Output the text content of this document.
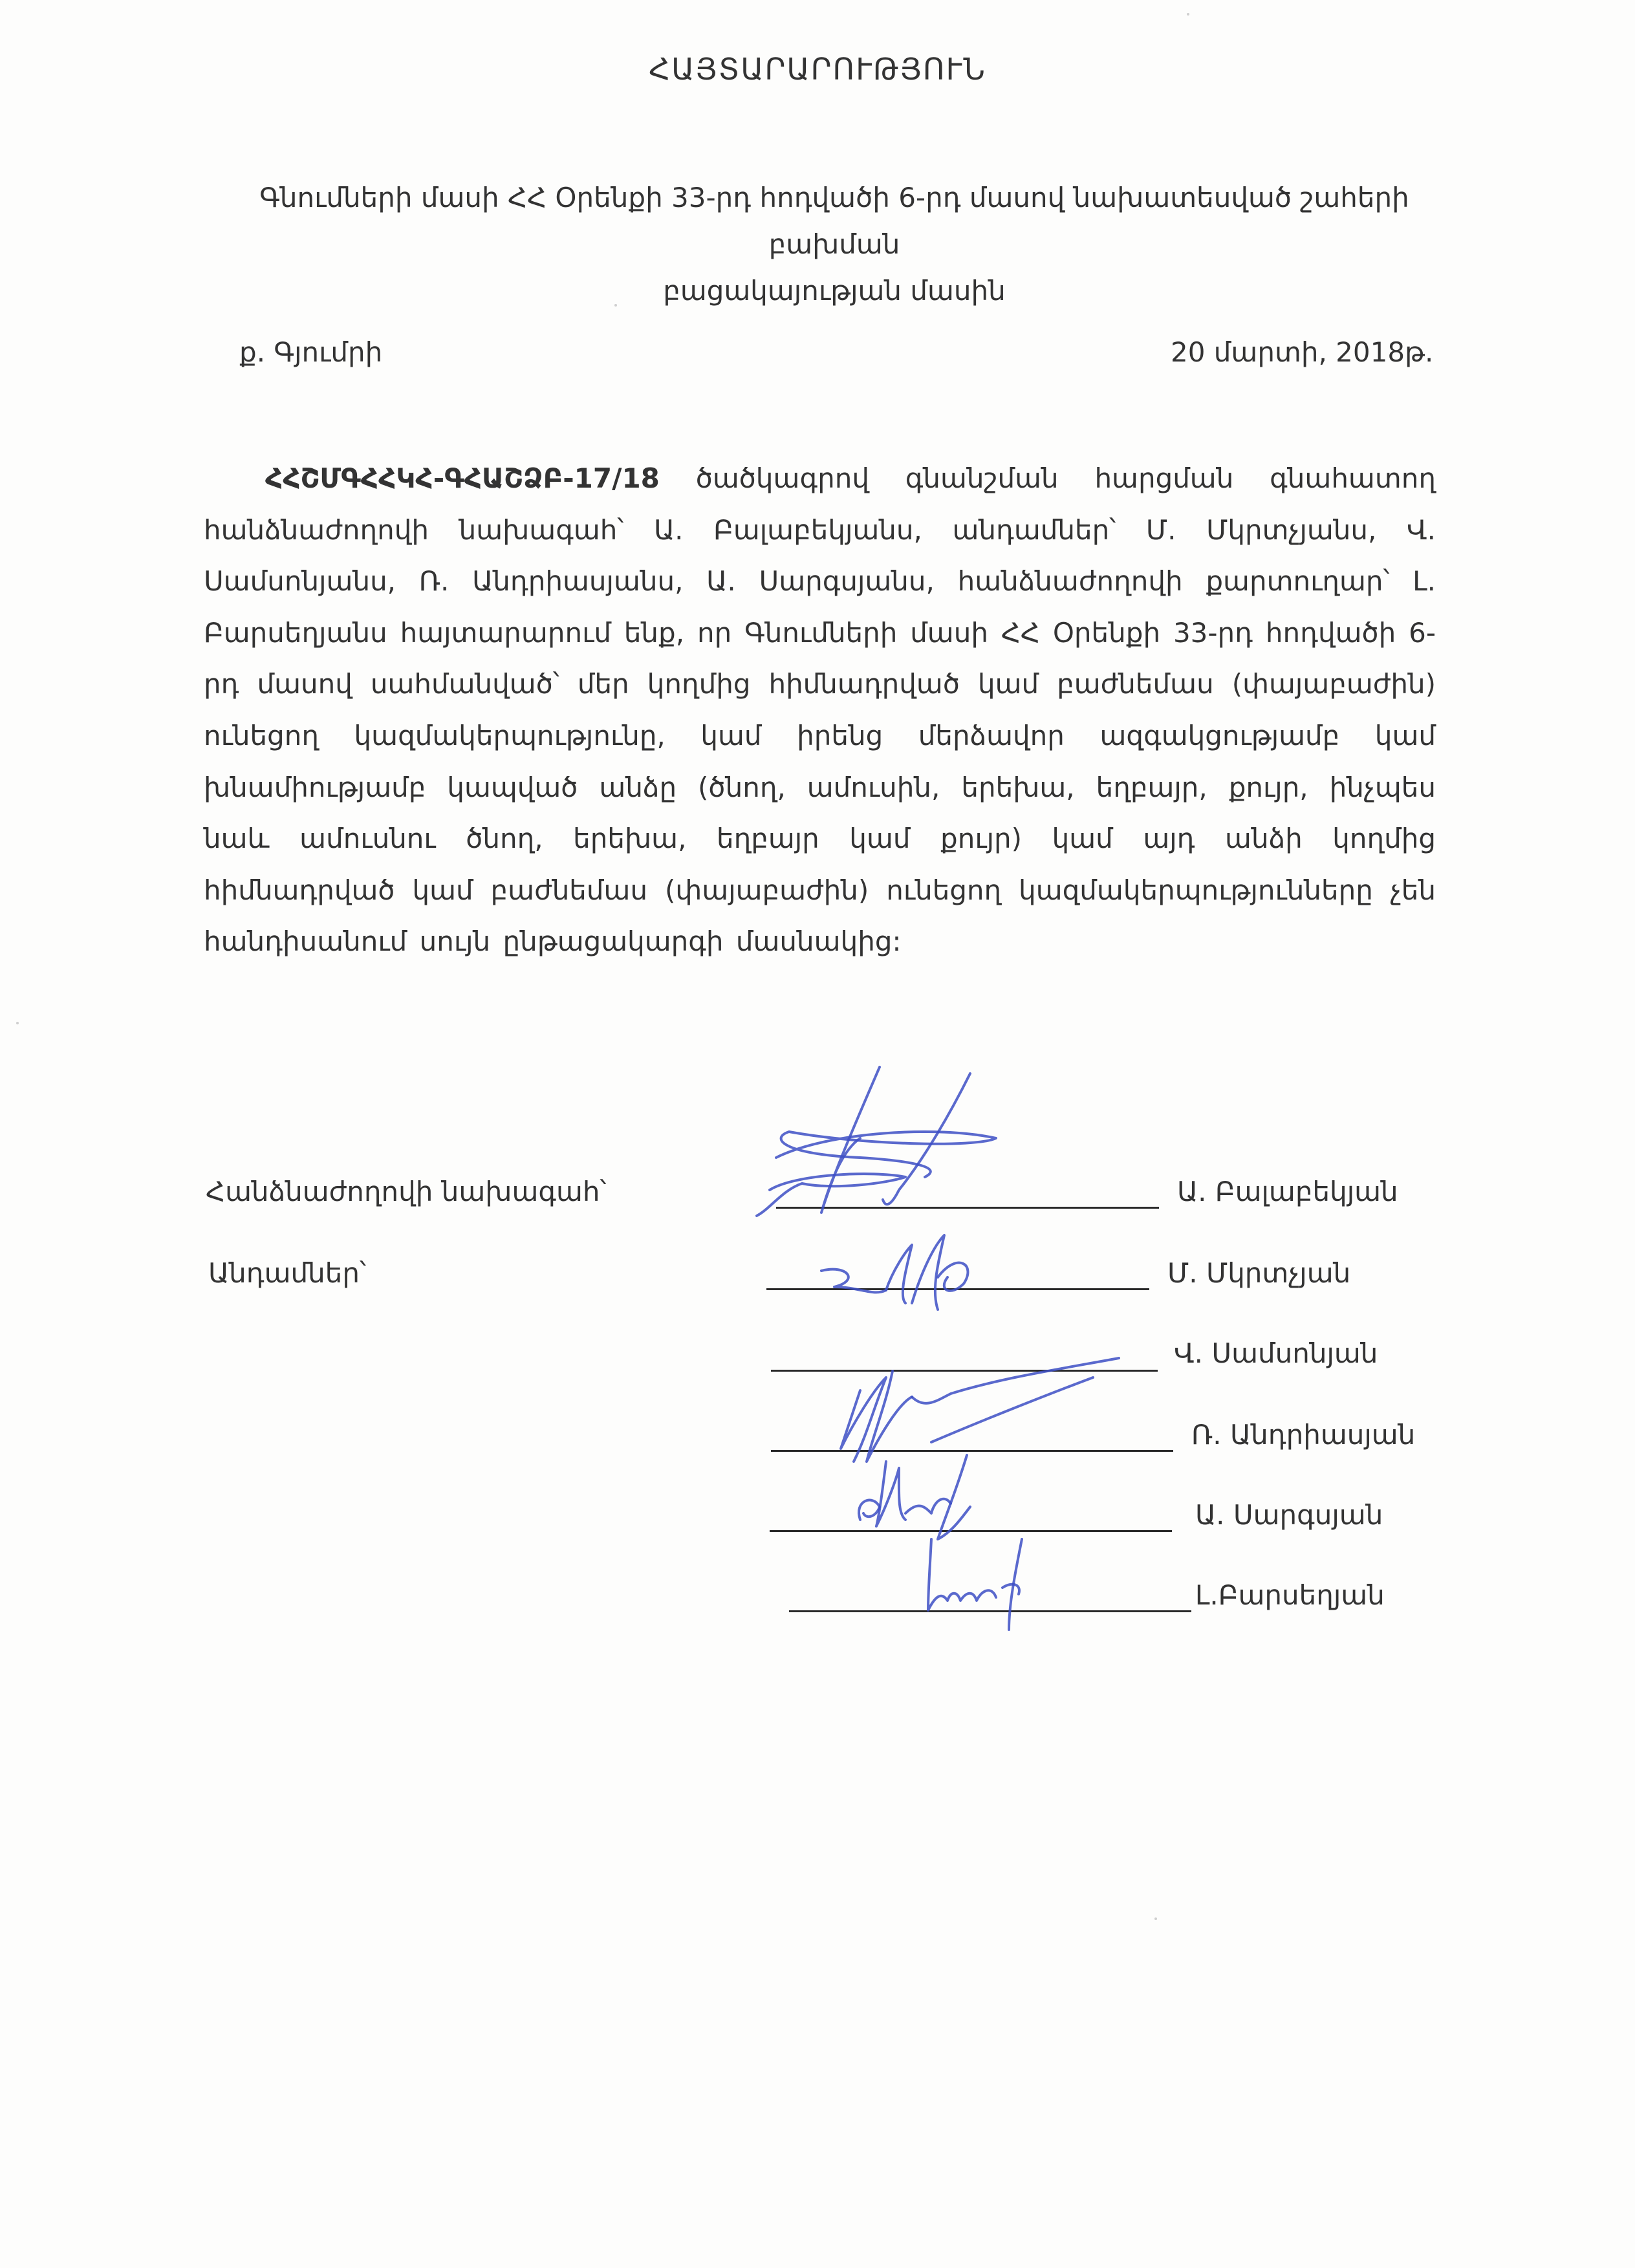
ՀԱՅՏԱՐԱՐՈՒԹՅՈՒՆ
Գնումների մասի ՀՀ Օրենքի 33-րդ հոդվածի 6-րդ մասով նախատեսված շահերի բախման
բացակայության մասին
ք. Գյումրի	20 մարտի, 2018թ.
ՀՀՇՄԳՀՀԿՀ-ԳՀԱՇՁԲ-17/18 ծածկագրով գնանշման հարցման գնահատող հանձնաժողովի նախագահ՝ Ա. Բալաբեկյանս, անդամներ՝ Մ. Մկրտչյանս, Վ. Սամսոնյանս, Ռ. Անդրիասյանս, Ա. Սարգսյանս, հանձնաժողովի քարտուղար՝ Լ. Բարսեղյանս հայտարարում ենք, որ Գնումների մասի ՀՀ Օրենքի 33-րդ հոդվածի 6-րդ մասով սահմանված՝ մեր կողմից հիմնադրված կամ բաժնեմաս (փայաբաժին) ունեցող կազմակերպությունը, կամ իրենց մերձավոր ազգակցությամբ կամ խնամիությամբ կապված անձը (ծնող, ամուսին, երեխա, եղբայր, քույր, ինչպես նաև ամուսնու ծնող, երեխա, եղբայր կամ քույր) կամ այդ անձի կողմից հիմնադրված կամ բաժնեմաս (փայաբաժին) ունեցող կազմակերպությունները չեն հանդիսանում սույն ընթացակարգի մասնակից:
Հանձնաժողովի նախագահ՝
Անդամներ՝
Ա. Բալաբեկյան
Մ. Մկրտչյան
Վ. Սամսոնյան
Ռ. Անդրիասյան
Ա. Սարգսյան
Լ.Բարսեղյան
